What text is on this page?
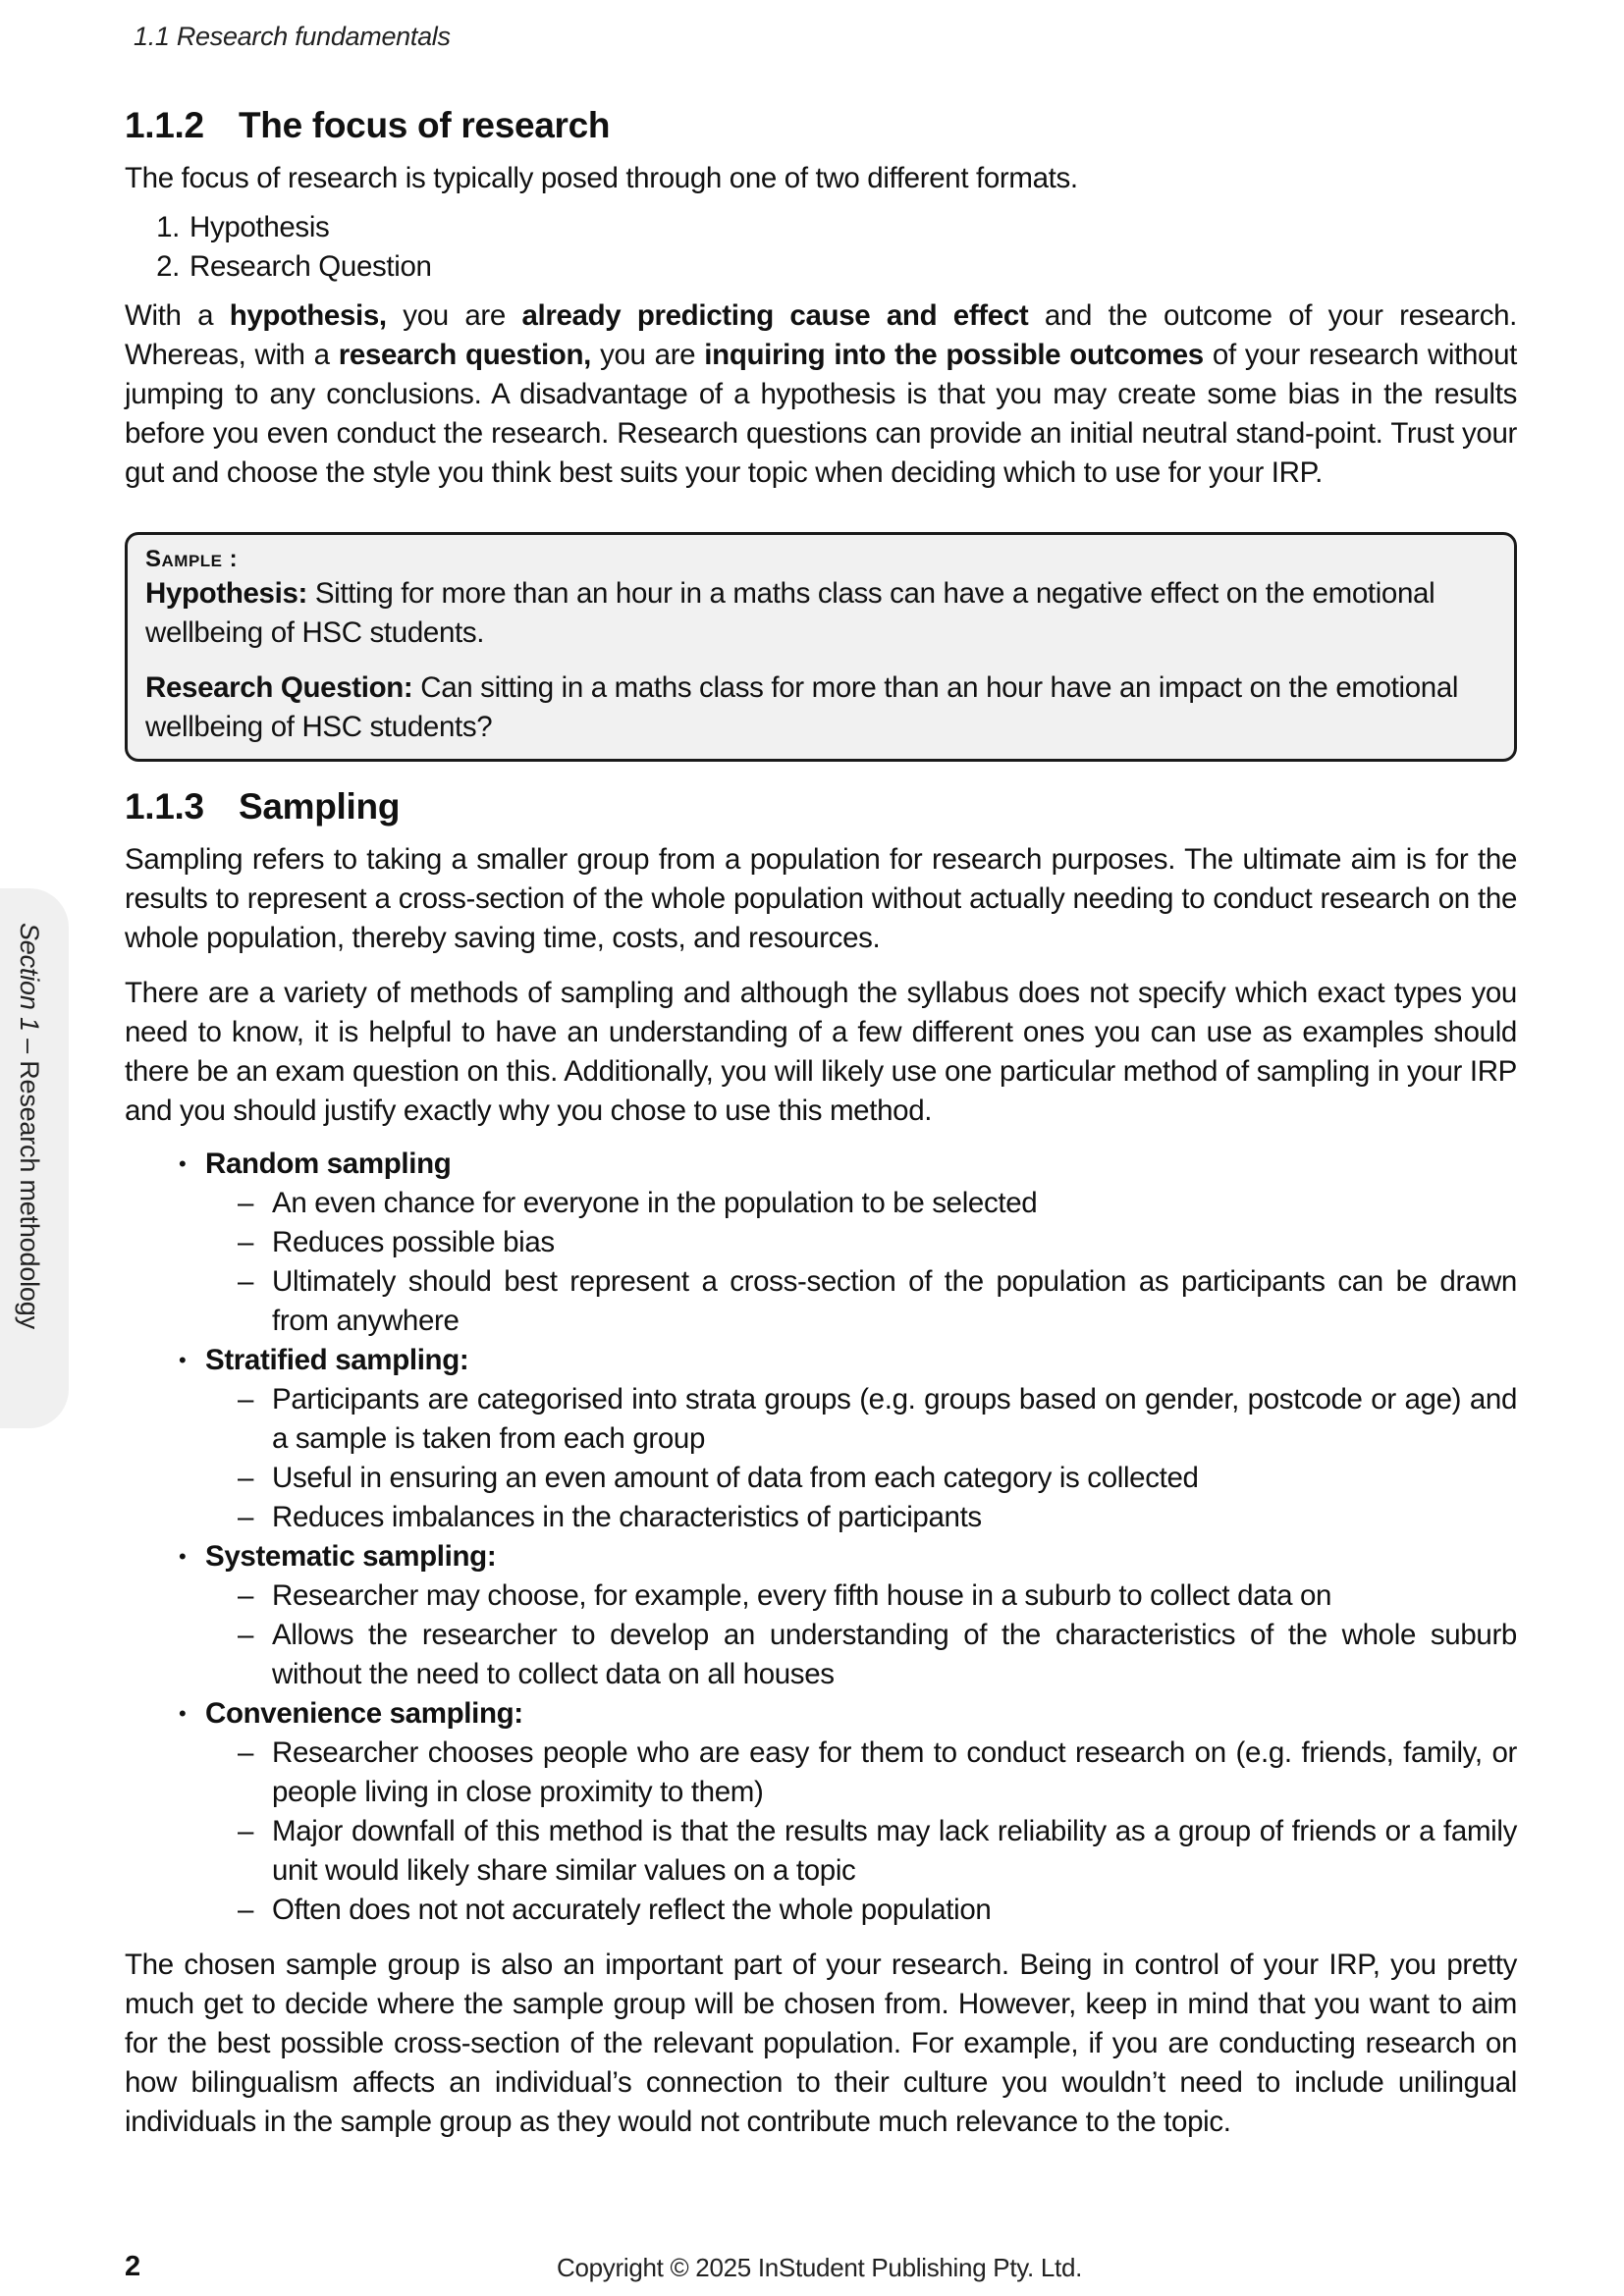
1.1 Research fundamentals
Section 1 – Research methodology
1.1.2 The focus of research

The focus of research is typically posed through one of two different formats.

1. Hypothesis
2. Research Question

With a hypothesis, you are already predicting cause and effect and the outcome of your research. Whereas, with a research question, you are inquiring into the possible outcomes of your research without jumping to any conclusions. A disadvantage of a hypothesis is that you may create some bias in the results before you even conduct the research. Research questions can provide an initial neutral stand-point. Trust your gut and choose the style you think best suits your topic when deciding which to use for your IRP.

Sample :

Hypothesis: Sitting for more than an hour in a maths class can have a negative effect on the emotional wellbeing of HSC students.

Research Question: Can sitting in a maths class for more than an hour have an impact on the emotional wellbeing of HSC students?

1.1.3 Sampling

Sampling refers to taking a smaller group from a population for research purposes. The ultimate aim is for the results to represent a cross-section of the whole population without actually needing to conduct research on the whole population, thereby saving time, costs, and resources.

There are a variety of methods of sampling and although the syllabus does not specify which exact types you need to know, it is helpful to have an understanding of a few different ones you can use as examples should there be an exam question on this. Additionally, you will likely use one particular method of sampling in your IRP and you should justify exactly why you chose to use this method.

• Random sampling
– An even chance for everyone in the population to be selected
– Reduces possible bias
– Ultimately should best represent a cross-section of the population as participants can be drawn from anywhere
• Stratified sampling:
– Participants are categorised into strata groups (e.g. groups based on gender, postcode or age) and a sample is taken from each group
– Useful in ensuring an even amount of data from each category is collected
– Reduces imbalances in the characteristics of participants
• Systematic sampling:
– Researcher may choose, for example, every fifth house in a suburb to collect data on
– Allows the researcher to develop an understanding of the characteristics of the whole suburb without the need to collect data on all houses
• Convenience sampling:
– Researcher chooses people who are easy for them to conduct research on (e.g. friends, family, or people living in close proximity to them)
– Major downfall of this method is that the results may lack reliability as a group of friends or a family unit would likely share similar values on a topic
– Often does not not accurately reflect the whole population

The chosen sample group is also an important part of your research. Being in control of your IRP, you pretty much get to decide where the sample group will be chosen from. However, keep in mind that you want to aim for the best possible cross-section of the relevant population. For example, if you are conducting research on how bilingualism affects an individual’s connection to their culture you wouldn’t need to include unilingual individuals in the sample group as they would not contribute much relevance to the topic.

2	Copyright © 2025 InStudent Publishing Pty. Ltd.
